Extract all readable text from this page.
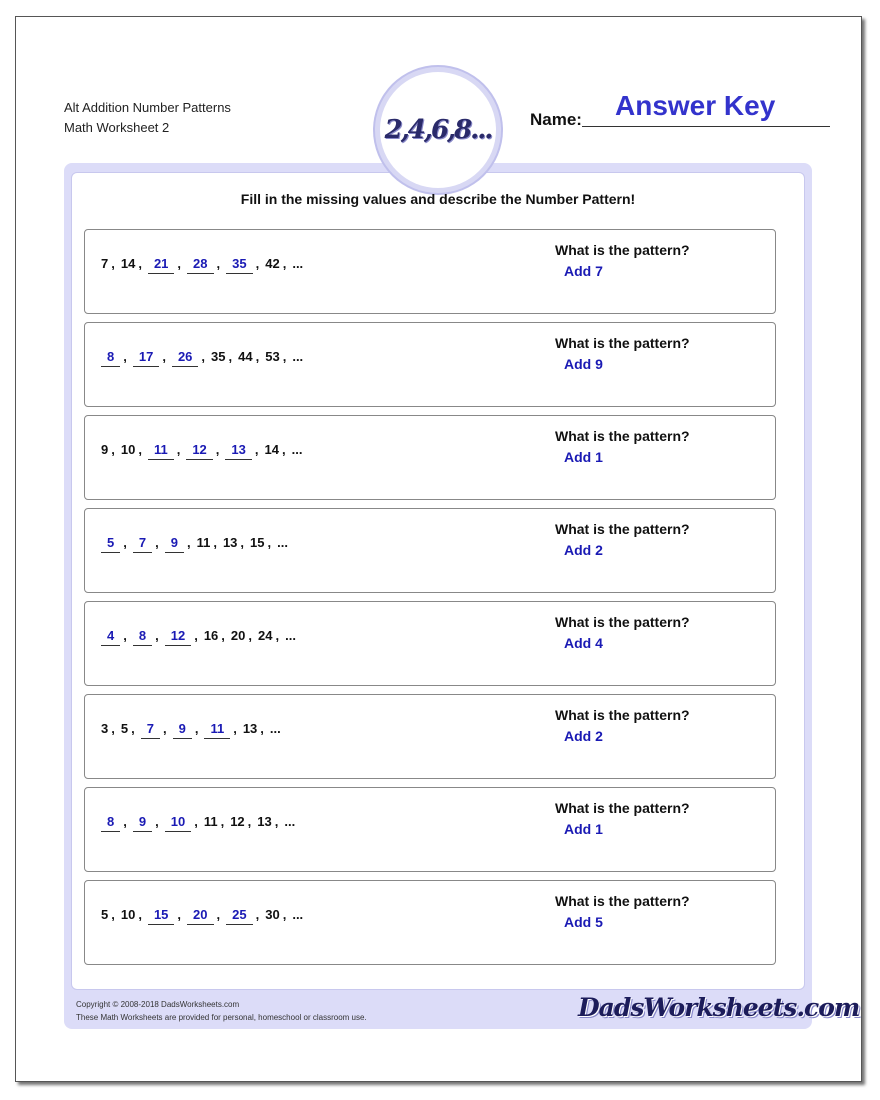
Alt Addition Number Patterns
Math Worksheet 2	2,4,6,8...
Answer Key
Name:
Fill in the missing values and describe the Number Pattern!
7 , 14 , 21 , 28 , 35 , 42 , ...
What is the pattern?
Add 7
8 , 17 , 26 , 35 , 44 , 53 , ...
What is the pattern?
Add 9
9 , 10 , 11 , 12 , 13 , 14 , ...
What is the pattern?
Add 1
5 , 7 , 9 , 11 , 13 , 15 , ...
What is the pattern?
Add 2
4 , 8 , 12 , 16 , 20 , 24 , ...
What is the pattern?
Add 4
3 , 5 , 7 , 9 , 11 , 13 , ...
What is the pattern?
Add 2
8 , 9 , 10 , 11 , 12 , 13 , ...
What is the pattern?
Add 1
5 , 10 , 15 , 20 , 25 , 30 , ...
What is the pattern?
Add 5
Copyright © 2008-2018 DadsWorksheets.com
These Math Worksheets are provided for personal, homeschool or classroom use.	DadsWorksheets.com
